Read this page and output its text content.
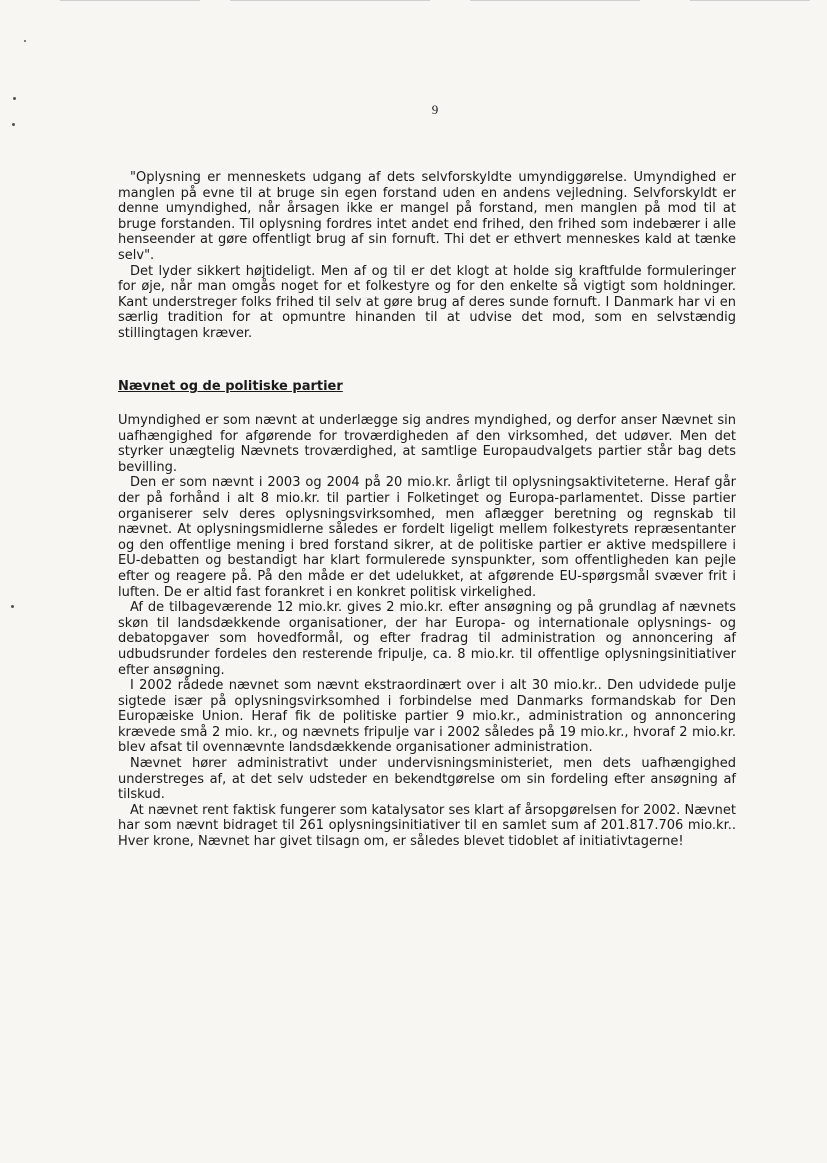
9

"Oplysning er menneskets udgang af dets selvforskyldte umyndiggørelse. Umyndighed er manglen på evne til at bruge sin egen forstand uden en andens vejledning. Selvforskyldt er denne umyndighed, når årsagen ikke er mangel på forstand, men manglen på mod til at bruge forstanden. Til oplysning fordres intet andet end frihed, den frihed som indebærer i alle henseender at gøre offentligt brug af sin fornuft. Thi det er ethvert menneskes kald at tænke selv".

Det lyder sikkert højtideligt. Men af og til er det klogt at holde sig kraftfulde formuleringer for øje, når man omgås noget for et folkestyre og for den enkelte så vigtigt som holdninger. Kant understreger folks frihed til selv at gøre brug af deres sunde fornuft. I Danmark har vi en særlig tradition for at opmuntre hinanden til at udvise det mod, som en selvstændig stillingtagen kræver.

Nævnet og de politiske partier

Umyndighed er som nævnt at underlægge sig andres myndighed, og derfor anser Nævnet sin uafhængighed for afgørende for troværdigheden af den virksomhed, det udøver. Men det styrker unægtelig Nævnets troværdighed, at samtlige Europaudvalgets partier står bag dets bevilling.

Den er som nævnt i 2003 og 2004 på 20 mio.kr. årligt til oplysningsaktiviteterne. Heraf går der på forhånd i alt 8 mio.kr. til partier i Folketinget og Europa-parlamentet. Disse partier organiserer selv deres oplysningsvirksomhed, men aflægger beretning og regnskab til nævnet. At oplysningsmidlerne således er fordelt ligeligt mellem folkestyrets repræsentanter og den offentlige mening i bred forstand sikrer, at de politiske partier er aktive medspillere i EU-debatten og bestandigt har klart formulerede synspunkter, som offentligheden kan pejle efter og reagere på. På den måde er det udelukket, at afgørende EU-spørgsmål svæver frit i luften. De er altid fast forankret i en konkret politisk virkelighed.

Af de tilbageværende 12 mio.kr. gives 2 mio.kr. efter ansøgning og på grundlag af nævnets skøn til landsdækkende organisationer, der har Europa- og internationale oplysnings- og debatopgaver som hovedformål, og efter fradrag til administration og annoncering af udbudsrunder fordeles den resterende fripulje, ca. 8 mio.kr. til offentlige oplysningsinitiativer efter ansøgning.

I 2002 rådede nævnet som nævnt ekstraordinært over i alt 30 mio.kr.. Den udvidede pulje sigtede især på oplysningsvirksomhed i forbindelse med Danmarks formandskab for Den Europæiske Union. Heraf fik de politiske partier 9 mio.kr., administration og annoncering krævede små 2 mio. kr., og nævnets fripulje var i 2002 således på 19 mio.kr., hvoraf 2 mio.kr. blev afsat til ovennævnte landsdækkende organisationer administration.

Nævnet hører administrativt under undervisningsministeriet, men dets uafhængighed understreges af, at det selv udsteder en bekendtgørelse om sin fordeling efter ansøgning af tilskud.

At nævnet rent faktisk fungerer som katalysator ses klart af årsopgørelsen for 2002. Nævnet har som nævnt bidraget til 261 oplysningsinitiativer til en samlet sum af 201.817.706 mio.kr.. Hver krone, Nævnet har givet tilsagn om, er således blevet tidoblet af initiativtagerne!
